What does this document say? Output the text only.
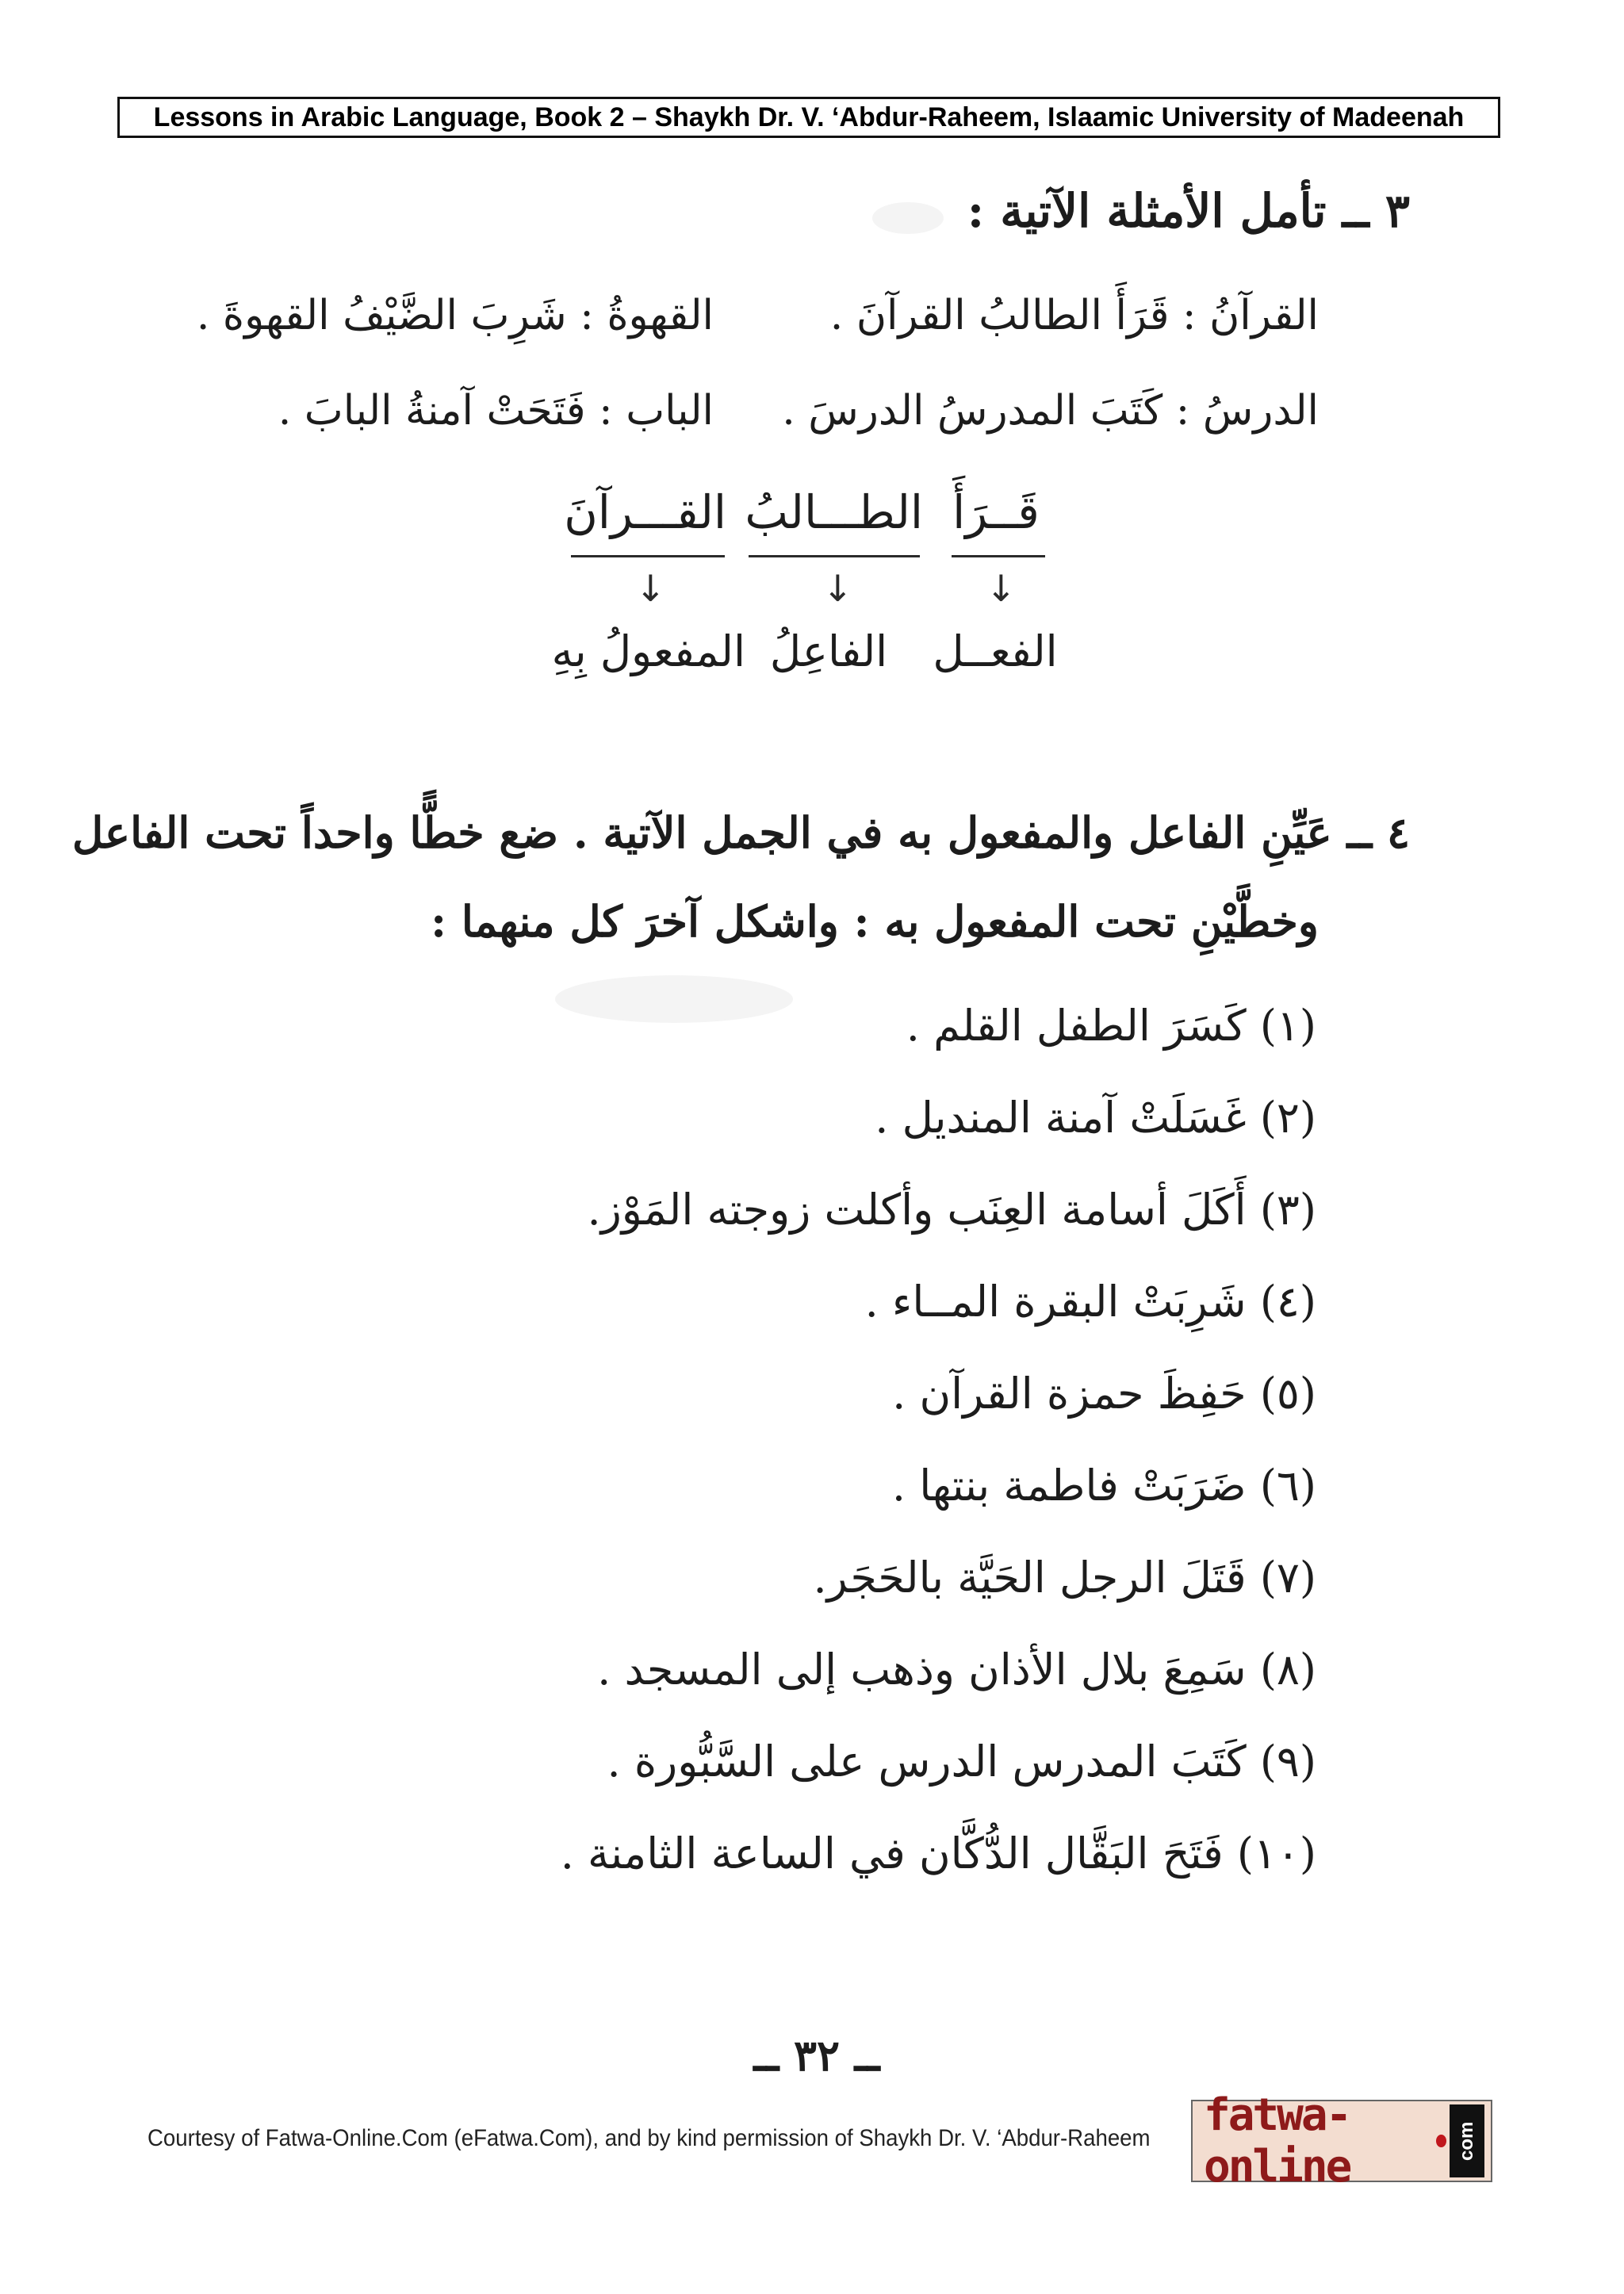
Lessons in Arabic Language, Book 2 – Shaykh Dr. V. ‘Abdur-Raheem, Islaamic University of Madeenah
٣ ــ تأمل الأمثلة الآتية :
القرآنُ : قَرَأَ الطالبُ القرآنَ .
القهوةُ : شَرِبَ الضَّيْفُ القهوةَ .
الدرسُ : كَتَبَ المدرسُ الدرسَ .
الباب : فَتَحَتْ آمنةُ البابَ .
قَــرَأَ
الطـــالبُ
القـــرآنَ
↓
↓
↓
الفعــل
الفاعِلُ
المفعولُ بِهِ
٤ ــ عَيِّنِ الفاعل والمفعول به في الجمل الآتية . ضع خطًّا واحداً تحت الفاعل
وخطَّيْنِ تحت المفعول به : واشكل آخرَ كل منهما :
(١) كَسَرَ الطفل القلم .
(٢) غَسَلَتْ آمنة المنديل .
(٣) أَكَلَ أسامة العِنَب وأكلت زوجته المَوْز.
(٤) شَرِبَتْ البقرة المــاء .
(٥) حَفِظَ حمزة القرآن .
(٦) ضَرَبَتْ فاطمة بنتها .
(٧) قَتَلَ الرجل الحَيَّة بالحَجَر.
(٨) سَمِعَ بلال الأذان وذهب إلى المسجد .
(٩) كَتَبَ المدرس الدرس على السَّبُّورة .
(١٠) فَتَحَ البَقَّال الدُّكَّان في الساعة الثامنة .
ــ ٣٢ ــ
Courtesy of Fatwa-Online.Com (eFatwa.Com), and by kind permission of Shaykh Dr. V. ‘Abdur-Raheem fatwa-online	com
